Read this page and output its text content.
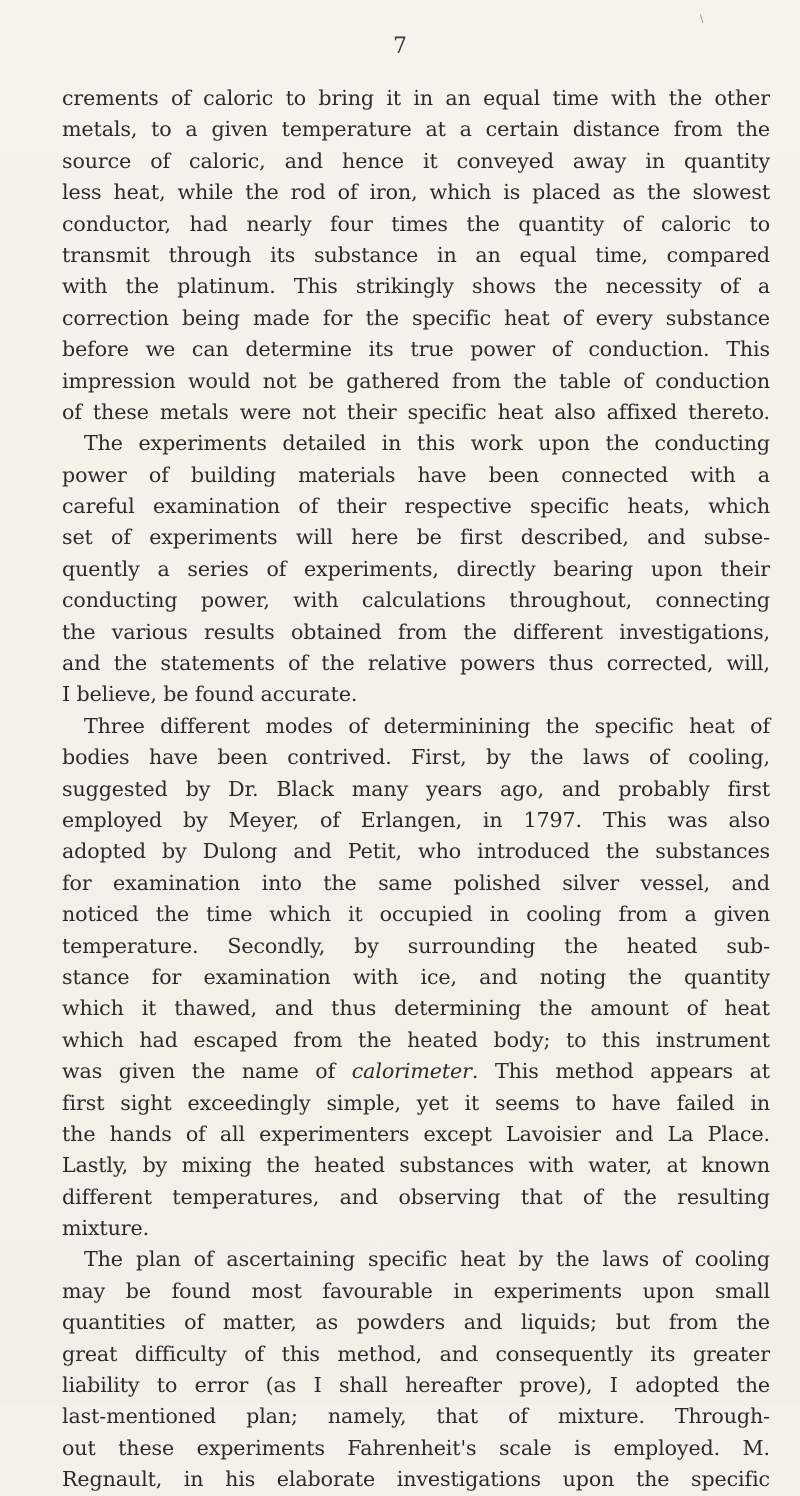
\
7
crements of caloric to bring it in an equal time with the other
metals, to a given temperature at a certain distance from the
source of caloric, and hence it conveyed away in quantity
less heat, while the rod of iron, which is placed as the slowest
conductor, had nearly four times the quantity of caloric to
transmit through its substance in an equal time, compared
with the platinum. This strikingly shows the necessity of a
correction being made for the specific heat of every substance
before we can determine its true power of conduction. This
impression would not be gathered from the table of conduction
of these metals were not their specific heat also affixed thereto.
The experiments detailed in this work upon the conducting
power of building materials have been connected with a
careful examination of their respective specific heats, which
set of experiments will here be first described, and subse-
quently a series of experiments, directly bearing upon their
conducting power, with calculations throughout, connecting
the various results obtained from the different investigations,
and the statements of the relative powers thus corrected, will,
I believe, be found accurate.
Three different modes of determinining the specific heat of
bodies have been contrived. First, by the laws of cooling,
suggested by Dr. Black many years ago, and probably first
employed by Meyer, of Erlangen, in 1797. This was also
adopted by Dulong and Petit, who introduced the substances
for examination into the same polished silver vessel, and
noticed the time which it occupied in cooling from a given
temperature. Secondly, by surrounding the heated sub-
stance for examination with ice, and noting the quantity
which it thawed, and thus determining the amount of heat
which had escaped from the heated body; to this instrument
was given the name of calorimeter. This method appears at
first sight exceedingly simple, yet it seems to have failed in
the hands of all experimenters except Lavoisier and La Place.
Lastly, by mixing the heated substances with water, at known
different temperatures, and observing that of the resulting
mixture.
The plan of ascertaining specific heat by the laws of cooling
may be found most favourable in experiments upon small
quantities of matter, as powders and liquids; but from the
great difficulty of this method, and consequently its greater
liability to error (as I shall hereafter prove), I adopted the
last-mentioned plan; namely, that of mixture. Through-
out these experiments Fahrenheit's scale is employed. M.
Regnault, in his elaborate investigations upon the specific
